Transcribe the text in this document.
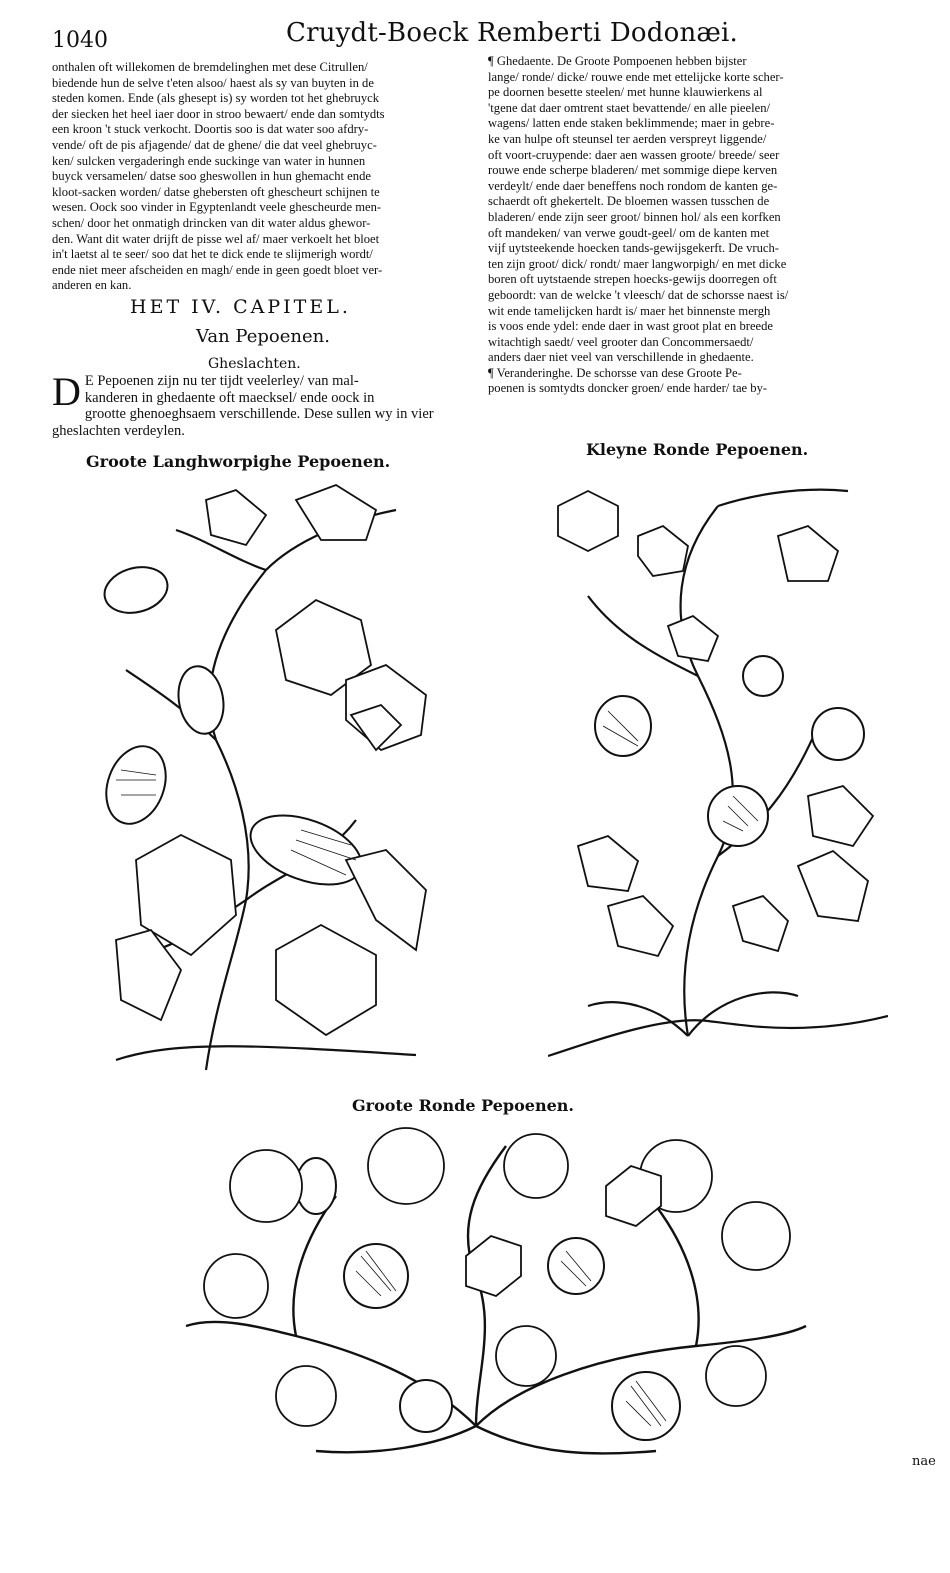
1040	Cruydt-Boeck Remberti Dodonæi.
onthalen oft willekomen de bremdelinghen met dese Citrullen/
biedende hun de selve t'eten alsoo/ haest als sy van buyten in de
steden komen. Ende (als ghesept is) sy worden tot het ghebruyck
der siecken het heel iaer door in stroo bewaert/ ende dan somtydts
een kroon 't stuck verkocht. Doortis soo is dat water soo afdry-
vende/ oft de pis afjagende/ dat de ghene/ die dat veel ghebruyc-
ken/ sulcken vergaderingh ende suckinge van water in hunnen
buyck versamelen/ datse soo gheswollen in hun ghemacht ende
kloot-sacken worden/ datse ghebersten oft ghescheurt schijnen te
wesen. Oock soo vinder in Egyptenlandt veele ghescheurde men-
schen/ door het onmatigh drincken van dit water aldus ghewor-
den. Want dit water drijft de pisse wel af/ maer verkoelt het bloet
in't laetst al te seer/ soo dat het te dick ende te slijmerigh wordt/
ende niet meer afscheiden en magh/ ende in geen goedt bloet ver-
anderen en kan.
HET IV. CAPITEL.
Van Pepoenen.
Gheslachten.
D E Pepoenen zijn nu ter tijdt veelerley/ van mal-
kanderen in ghedaente oft maecksel/ ende oock in
grootte ghenoeghsaem verschillende. Dese sullen wy in vier
gheslachten verdeylen.
¶ Ghedaente. De Groote Pompoenen hebben bijster
lange/ ronde/ dicke/ rouwe ende met ettelijcke korte scher-
pe doornen besette steelen/ met hunne klauwierkens al
'tgene dat daer omtrent staet bevattende/ en alle pieelen/
wagens/ latten ende staken beklimmende; maer in gebre-
ke van hulpe oft steunsel ter aerden verspreyt liggende/
oft voort-cruypende: daer aen wassen groote/ breede/ seer
rouwe ende scherpe bladeren/ met sommige diepe kerven
verdeylt/ ende daer beneffens noch rondom de kanten ge-
schaerdt oft ghekertelt. De bloemen wassen tusschen de
bladeren/ ende zijn seer groot/ binnen hol/ als een korfken
oft mandeken/ van verwe goudt-geel/ om de kanten met
vijf uytsteekende hoecken tands-gewijsgekerft. De vruch-
ten zijn groot/ dick/ rondt/ maer langworpigh/ en met dicke
boren oft uytstaende strepen hoecks-gewijs doorregen oft
geboordt: van de welcke 't vleesch/ dat de schorsse naest is/
wit ende tamelijcken hardt is/ maer het binnenste mergh
is voos ende ydel: ende daer in wast groot plat en breede
witachtigh saedt/ veel grooter dan Concommersaedt/
anders daer niet veel van verschillende in ghedaente.
¶ Veranderinghe. De schorsse van dese Groote Pe-
poenen is somtydts doncker groen/ ende harder/ tae by-
Groote Langhworpighe Pepoenen.
Kleyne Ronde Pepoenen.
Groote Ronde Pepoenen.
nae
